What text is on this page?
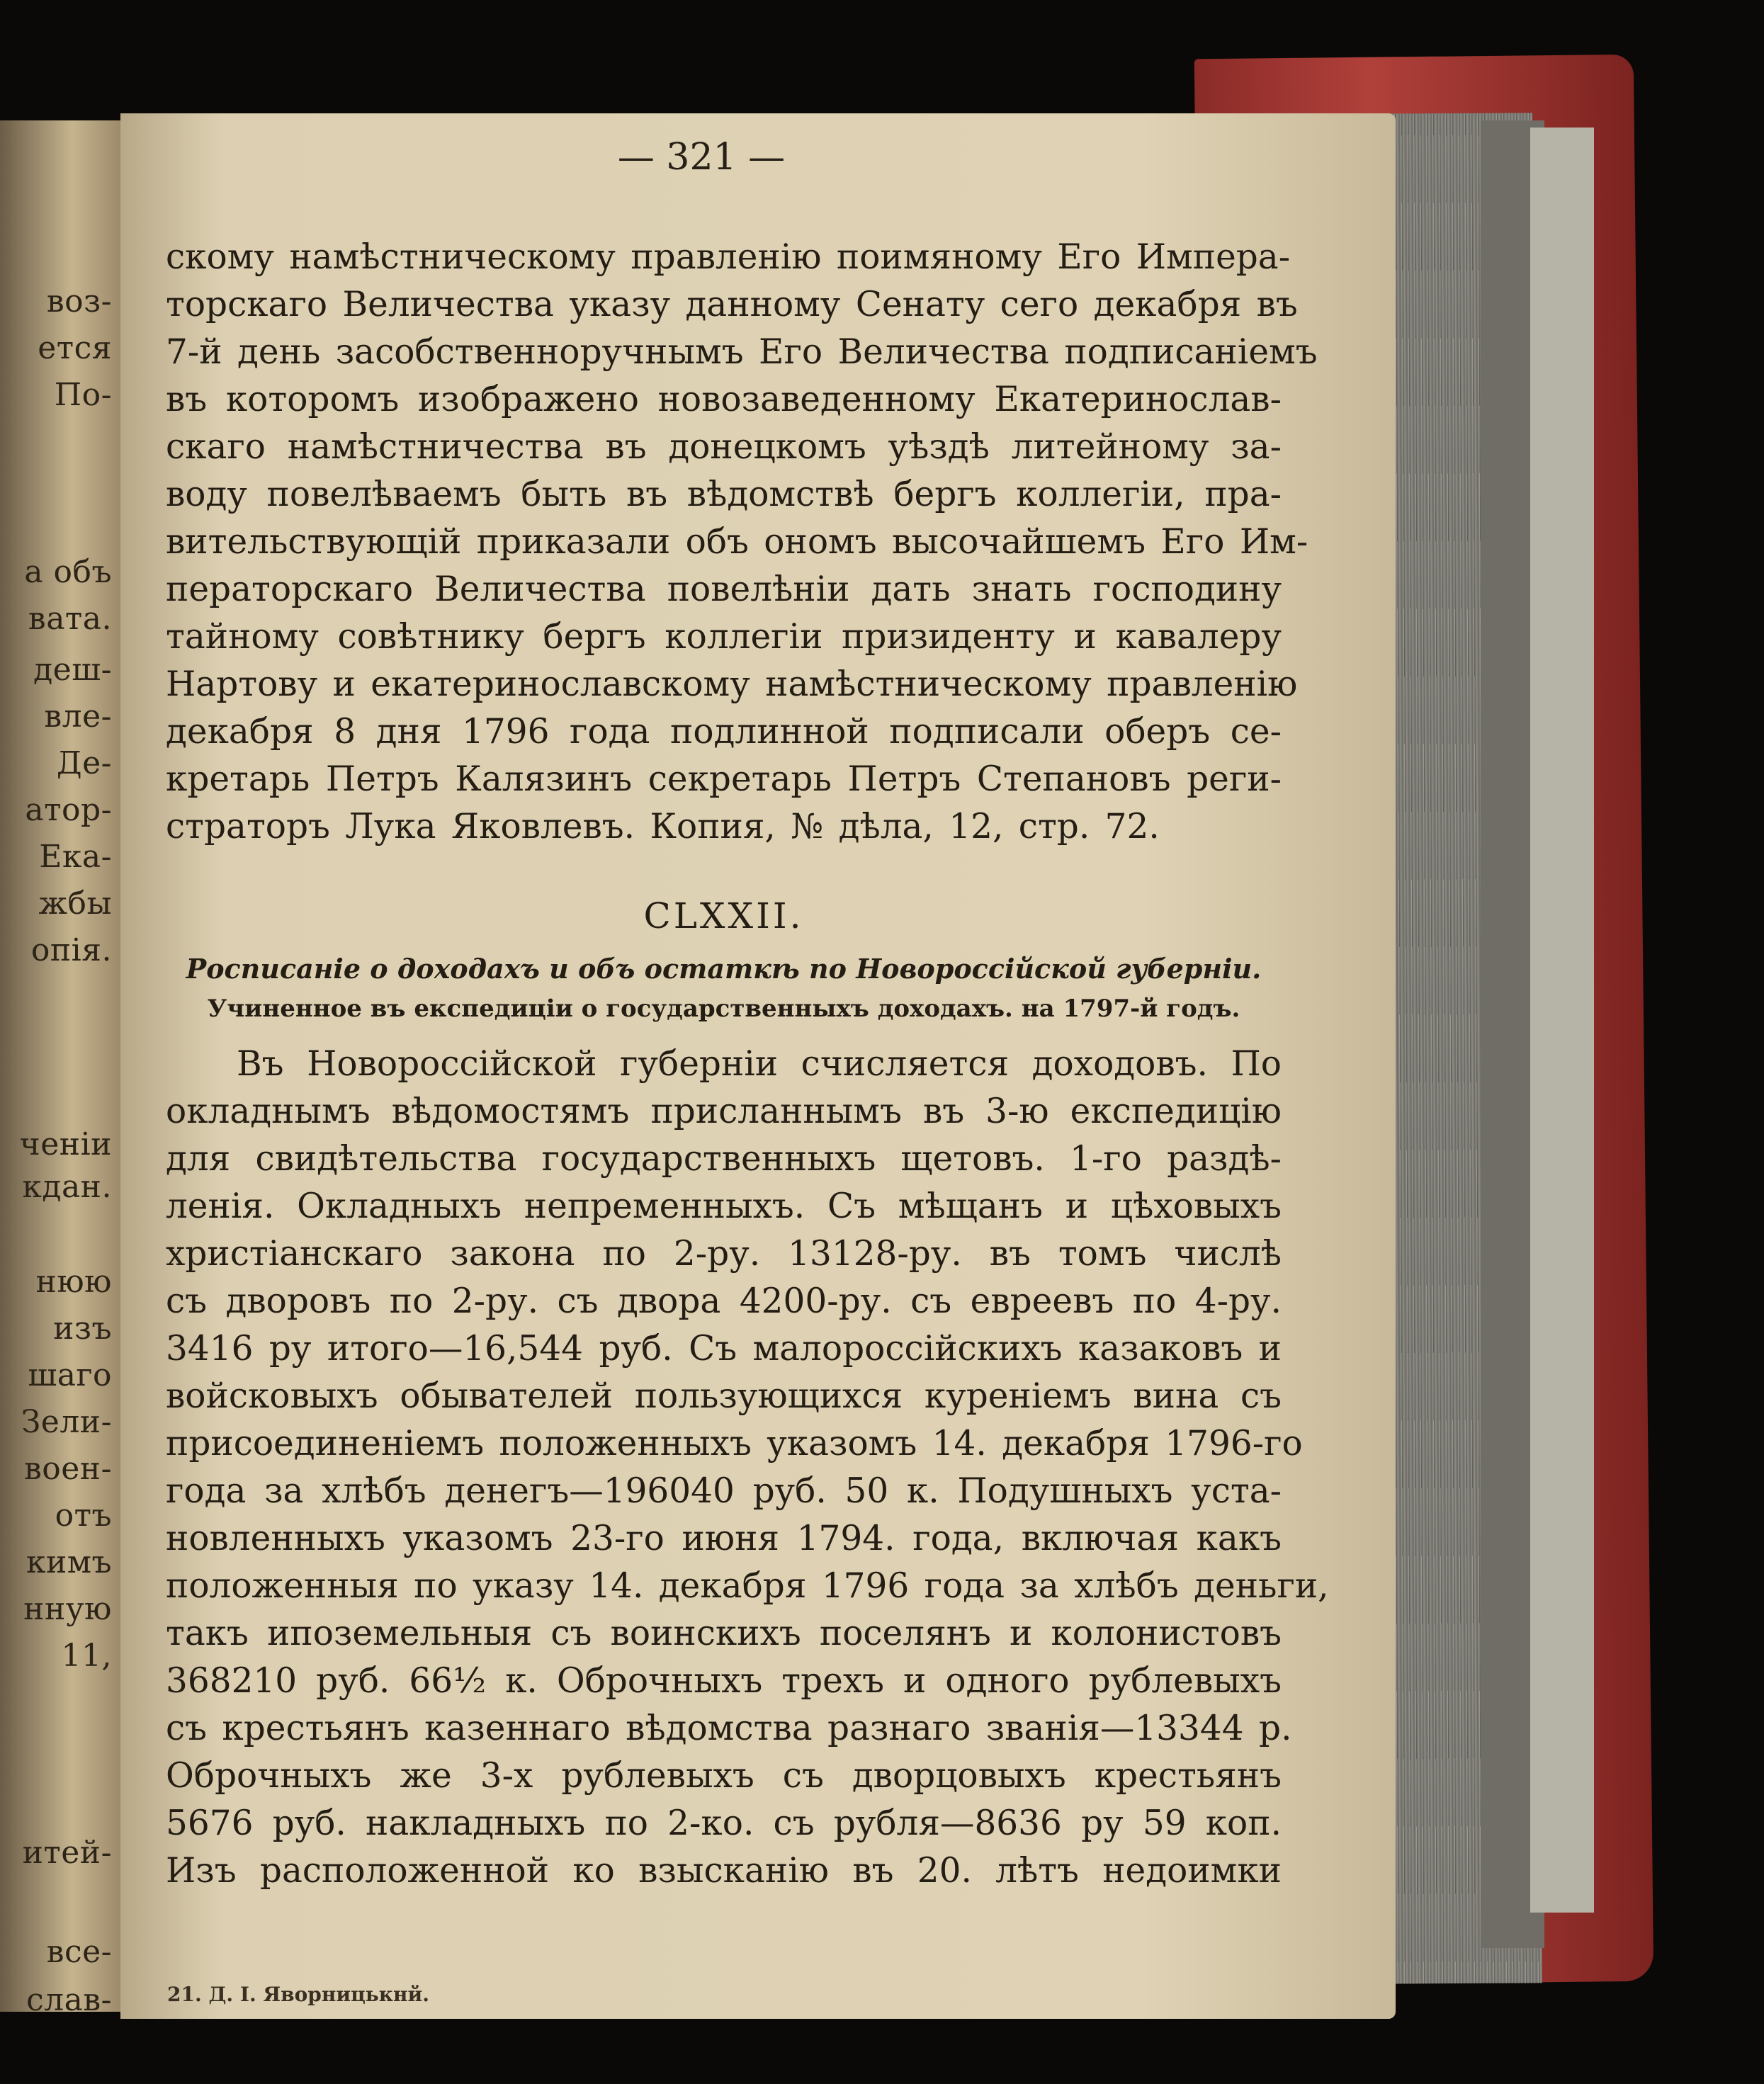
воз-
ется
По-
а объ
вата.
деш-
вле-
Де-
атор-
Ека-
жбы
опія.
ченіи
кдан.
нюю
изъ
шаго
Зели-
воен-
отъ
кимъ
нную
11,
итей-
все-
слав-
— 321 —
скому намѣстническому правленію поимяному Его Импера-
торскаго Величества указу данному Сенату сего декабря въ
7-й день засобственноручнымъ Его Величества подписаніемъ
въ которомъ изображено новозаведенному Екатеринослав-
скаго намѣстничества въ донецкомъ уѣздѣ литейному за-
воду повелѣваемъ быть въ вѣдомствѣ бергъ коллегіи, пра-
вительствующій приказали объ ономъ высочайшемъ Его Им-
ператорскаго Величества повелѣніи дать знать господину
тайному совѣтнику бергъ коллегіи призиденту и кавалеру
Нартову и екатеринославскому намѣстническому правленію
декабря 8 дня 1796 года подлинной подписали оберъ се-
кретарь Петръ Калязинъ секретарь Петръ Степановъ реги-
страторъ Лука Яковлевъ. Копия, № дѣла, 12, стр. 72.
CLXXII.
Росписаніе о доходахъ и объ остаткѣ по Новороссійской губерніи.
Учиненное въ експедиціи о государственныхъ доходахъ. на 1797-й годъ.
Въ Новороссійской губерніи счисляется доходовъ. По
окладнымъ вѣдомостямъ присланнымъ въ 3-ю експедицію
для свидѣтельства государственныхъ щетовъ. 1-го раздѣ-
ленія. Окладныхъ непременныхъ. Съ мѣщанъ и цѣховыхъ
христіанскаго закона по 2-ру. 13128-ру. въ томъ числѣ
съ дворовъ по 2-ру. съ двора 4200-ру. съ евреевъ по 4-ру.
3416 ру итого—16,544 руб. Съ малороссійскихъ казаковъ и
войсковыхъ обывателей пользующихся куреніемъ вина съ
присоединеніемъ положенныхъ указомъ 14. декабря 1796-го
года за хлѣбъ денегъ—196040 руб. 50 к. Подушныхъ уста-
новленныхъ указомъ 23-го июня 1794. года, включая какъ
положенныя по указу 14. декабря 1796 года за хлѣбъ деньги,
такъ ипоземельныя съ воинскихъ поселянъ и колонистовъ
368210 руб. 66½ к. Оброчныхъ трехъ и одного рублевыхъ
съ крестьянъ казеннаго вѣдомства разнаго званія—13344 р.
Оброчныхъ же 3-х рублевыхъ съ дворцовыхъ крестьянъ
5676 руб. накладныхъ по 2-ко. съ рубля—8636 ру 59 коп.
Изъ расположенной ко взысканію въ 20. лѣтъ недоимки
21. Д. І. Яворницькнй.
